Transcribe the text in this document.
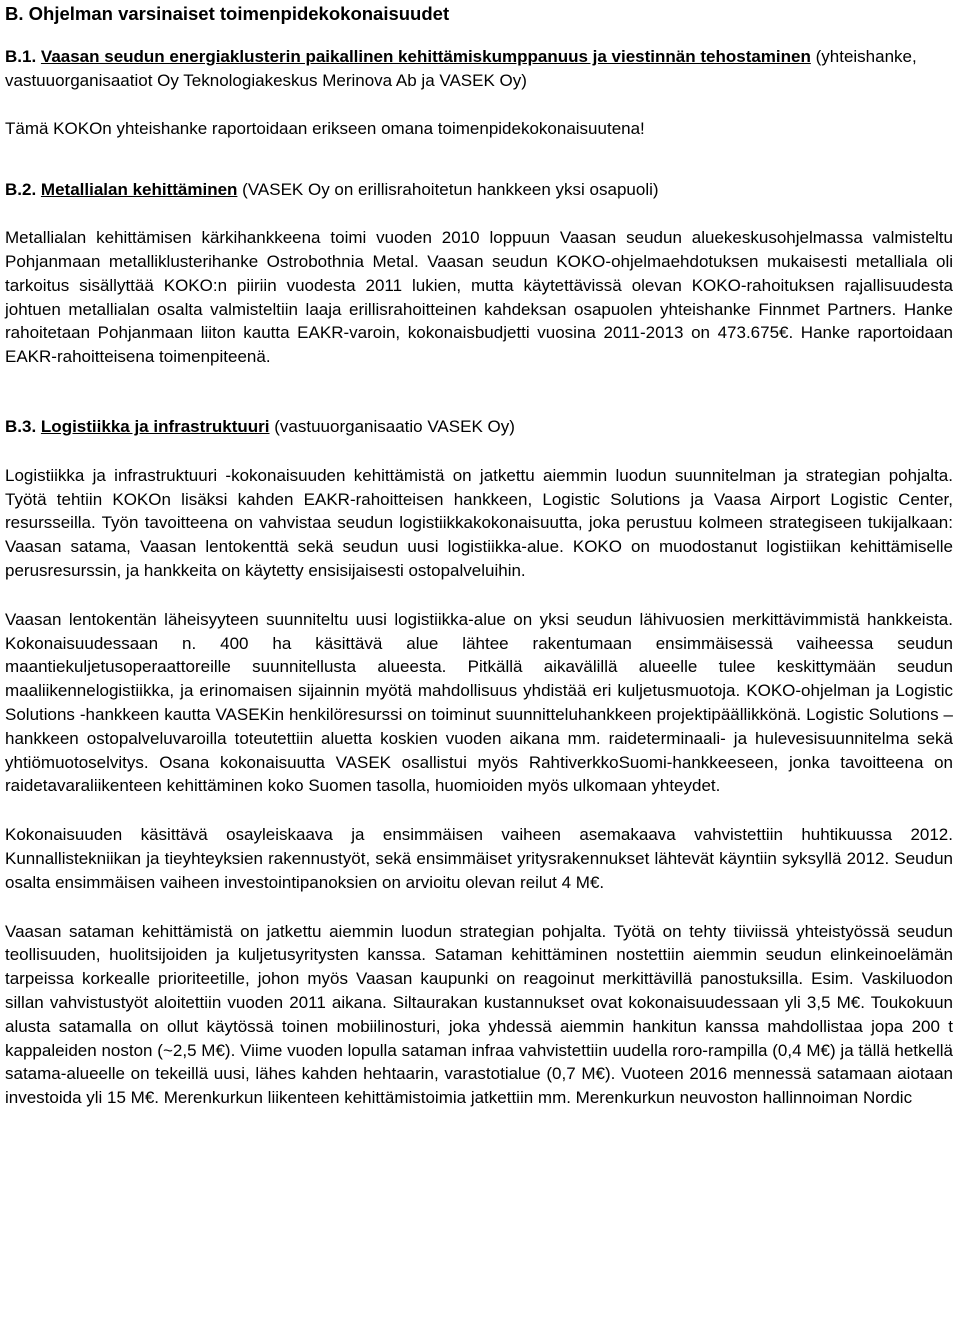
B. Ohjelman varsinaiset toimenpidekokonaisuudet

B.1. Vaasan seudun energiaklusterin paikallinen kehittämiskumppanuus ja viestinnän tehostaminen (yhteishanke, vastuuorganisaatiot Oy Teknologiakeskus Merinova Ab ja VASEK Oy)

Tämä KOKOn yhteishanke raportoidaan erikseen omana toimenpidekokonaisuutena!

B.2. Metallialan kehittäminen (VASEK Oy on erillisrahoitetun hankkeen yksi osapuoli)

Metallialan kehittämisen kärkihankkeena toimi vuoden 2010 loppuun Vaasan seudun aluekeskusohjelmassa valmisteltu Pohjanmaan metalliklusterihanke Ostrobothnia Metal. Vaasan seudun KOKO-ohjelmaehdotuksen mukaisesti metalliala oli tarkoitus sisällyttää KOKO:n piiriin vuodesta 2011 lukien, mutta käytettävissä olevan KOKO-rahoituksen rajallisuudesta johtuen metallialan osalta valmisteltiin laaja erillisrahoitteinen kahdeksan osapuolen yhteishanke Finnmet Partners. Hanke rahoitetaan Pohjanmaan liiton kautta EAKR-varoin, kokonaisbudjetti vuosina 2011-2013 on 473.675€. Hanke raportoidaan EAKR-rahoitteisena toimenpiteenä.

B.3. Logistiikka ja infrastruktuuri (vastuuorganisaatio VASEK Oy)

Logistiikka ja infrastruktuuri -kokonaisuuden kehittämistä on jatkettu aiemmin luodun suunnitelman ja strategian pohjalta. Työtä tehtiin KOKOn lisäksi kahden EAKR-rahoitteisen hankkeen, Logistic Solutions ja Vaasa Airport Logistic Center, resursseilla. Työn tavoitteena on vahvistaa seudun logistiikkakokonaisuutta, joka perustuu kolmeen strategiseen tukijalkaan: Vaasan satama, Vaasan lentokenttä sekä seudun uusi logistiikka-alue. KOKO on muodostanut logistiikan kehittämiselle perusresurssin, ja hankkeita on käytetty ensisijaisesti ostopalveluihin.

Vaasan lentokentän läheisyyteen suunniteltu uusi logistiikka-alue on yksi seudun lähivuosien merkittävimmistä hankkeista. Kokonaisuudessaan n. 400 ha käsittävä alue lähtee rakentumaan ensimmäisessä vaiheessa seudun maantiekuljetusoperaattoreille suunnitellusta alueesta. Pitkällä aikavälillä alueelle tulee keskittymään seudun maaliikennelogistiikka, ja erinomaisen sijainnin myötä mahdollisuus yhdistää eri kuljetusmuotoja. KOKO-ohjelman ja Logistic Solutions -hankkeen kautta VASEKin henkilöresurssi on toiminut suunnitteluhankkeen projektipäällikkönä. Logistic Solutions –hankkeen ostopalveluvaroilla toteutettiin aluetta koskien vuoden aikana mm. raideterminaali- ja hulevesisuunnitelma sekä yhtiömuotoselvitys. Osana kokonaisuutta VASEK osallistui myös RahtiverkkoSuomi-hankkeeseen, jonka tavoitteena on raidetavaraliikenteen kehittäminen koko Suomen tasolla, huomioiden myös ulkomaan yhteydet.

Kokonaisuuden käsittävä osayleiskaava ja ensimmäisen vaiheen asemakaava vahvistettiin huhtikuussa 2012. Kunnallistekniikan ja tieyhteyksien rakennustyöt, sekä ensimmäiset yritysrakennukset lähtevät käyntiin syksyllä 2012. Seudun osalta ensimmäisen vaiheen investointipanoksien on arvioitu olevan reilut 4 M€.

Vaasan sataman kehittämistä on jatkettu aiemmin luodun strategian pohjalta. Työtä on tehty tiiviissä yhteistyössä seudun teollisuuden, huolitsijoiden ja kuljetusyritysten kanssa. Sataman kehittäminen nostettiin aiemmin seudun elinkeinoelämän tarpeissa korkealle prioriteetille, johon myös Vaasan kaupunki on reagoinut merkittävillä panostuksilla. Esim. Vaskiluodon sillan vahvistustyöt aloitettiin vuoden 2011 aikana. Siltaurakan kustannukset ovat kokonaisuudessaan yli 3,5 M€. Toukokuun alusta satamalla on ollut käytössä toinen mobiilinosturi, joka yhdessä aiemmin hankitun kanssa mahdollistaa jopa 200 t kappaleiden noston (~2,5 M€). Viime vuoden lopulla sataman infraa vahvistettiin uudella roro-rampilla (0,4 M€) ja tällä hetkellä satama-alueelle on tekeillä uusi, lähes kahden hehtaarin, varastotialue (0,7 M€). Vuoteen 2016 mennessä satamaan aiotaan investoida yli 15 M€. Merenkurkun liikenteen kehittämistoimia jatkettiin mm. Merenkurkun neuvoston hallinnoiman Nordic
